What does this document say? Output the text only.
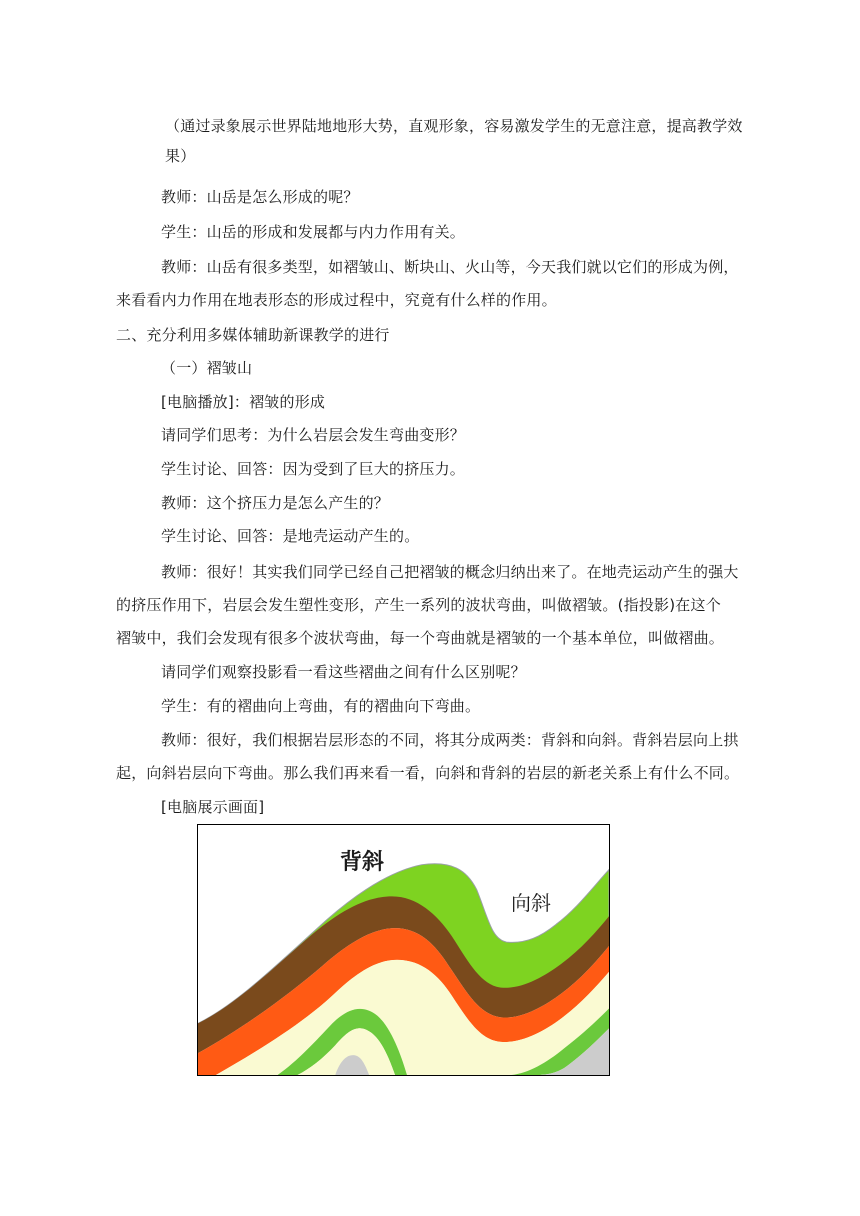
（通过录象展示世界陆地地形大势，直观形象，容易激发学生的无意注意，提高教学效
果）
教师：山岳是怎么形成的呢？
学生：山岳的形成和发展都与内力作用有关。
教师：山岳有很多类型，如褶皱山、断块山、火山等，今天我们就以它们的形成为例，
来看看内力作用在地表形态的形成过程中，究竟有什么样的作用。
二、充分利用多媒体辅助新课教学的进行
（一）褶皱山
[电脑播放]：褶皱的形成
请同学们思考：为什么岩层会发生弯曲变形？
学生讨论、回答：因为受到了巨大的挤压力。
教师：这个挤压力是怎么产生的？
学生讨论、回答：是地壳运动产生的。
教师：很好！其实我们同学已经自己把褶皱的概念归纳出来了。在地壳运动产生的强大
的挤压作用下，岩层会发生塑性变形，产生一系列的波状弯曲，叫做褶皱。(指投影)在这个
褶皱中，我们会发现有很多个波状弯曲，每一个弯曲就是褶皱的一个基本单位，叫做褶曲。
请同学们观察投影看一看这些褶曲之间有什么区别呢？
学生：有的褶曲向上弯曲，有的褶曲向下弯曲。
教师：很好，我们根据岩层形态的不同，将其分成两类：背斜和向斜。背斜岩层向上拱
起，向斜岩层向下弯曲。那么我们再来看一看，向斜和背斜的岩层的新老关系上有什么不同。
[电脑展示画面]
背斜
向斜
